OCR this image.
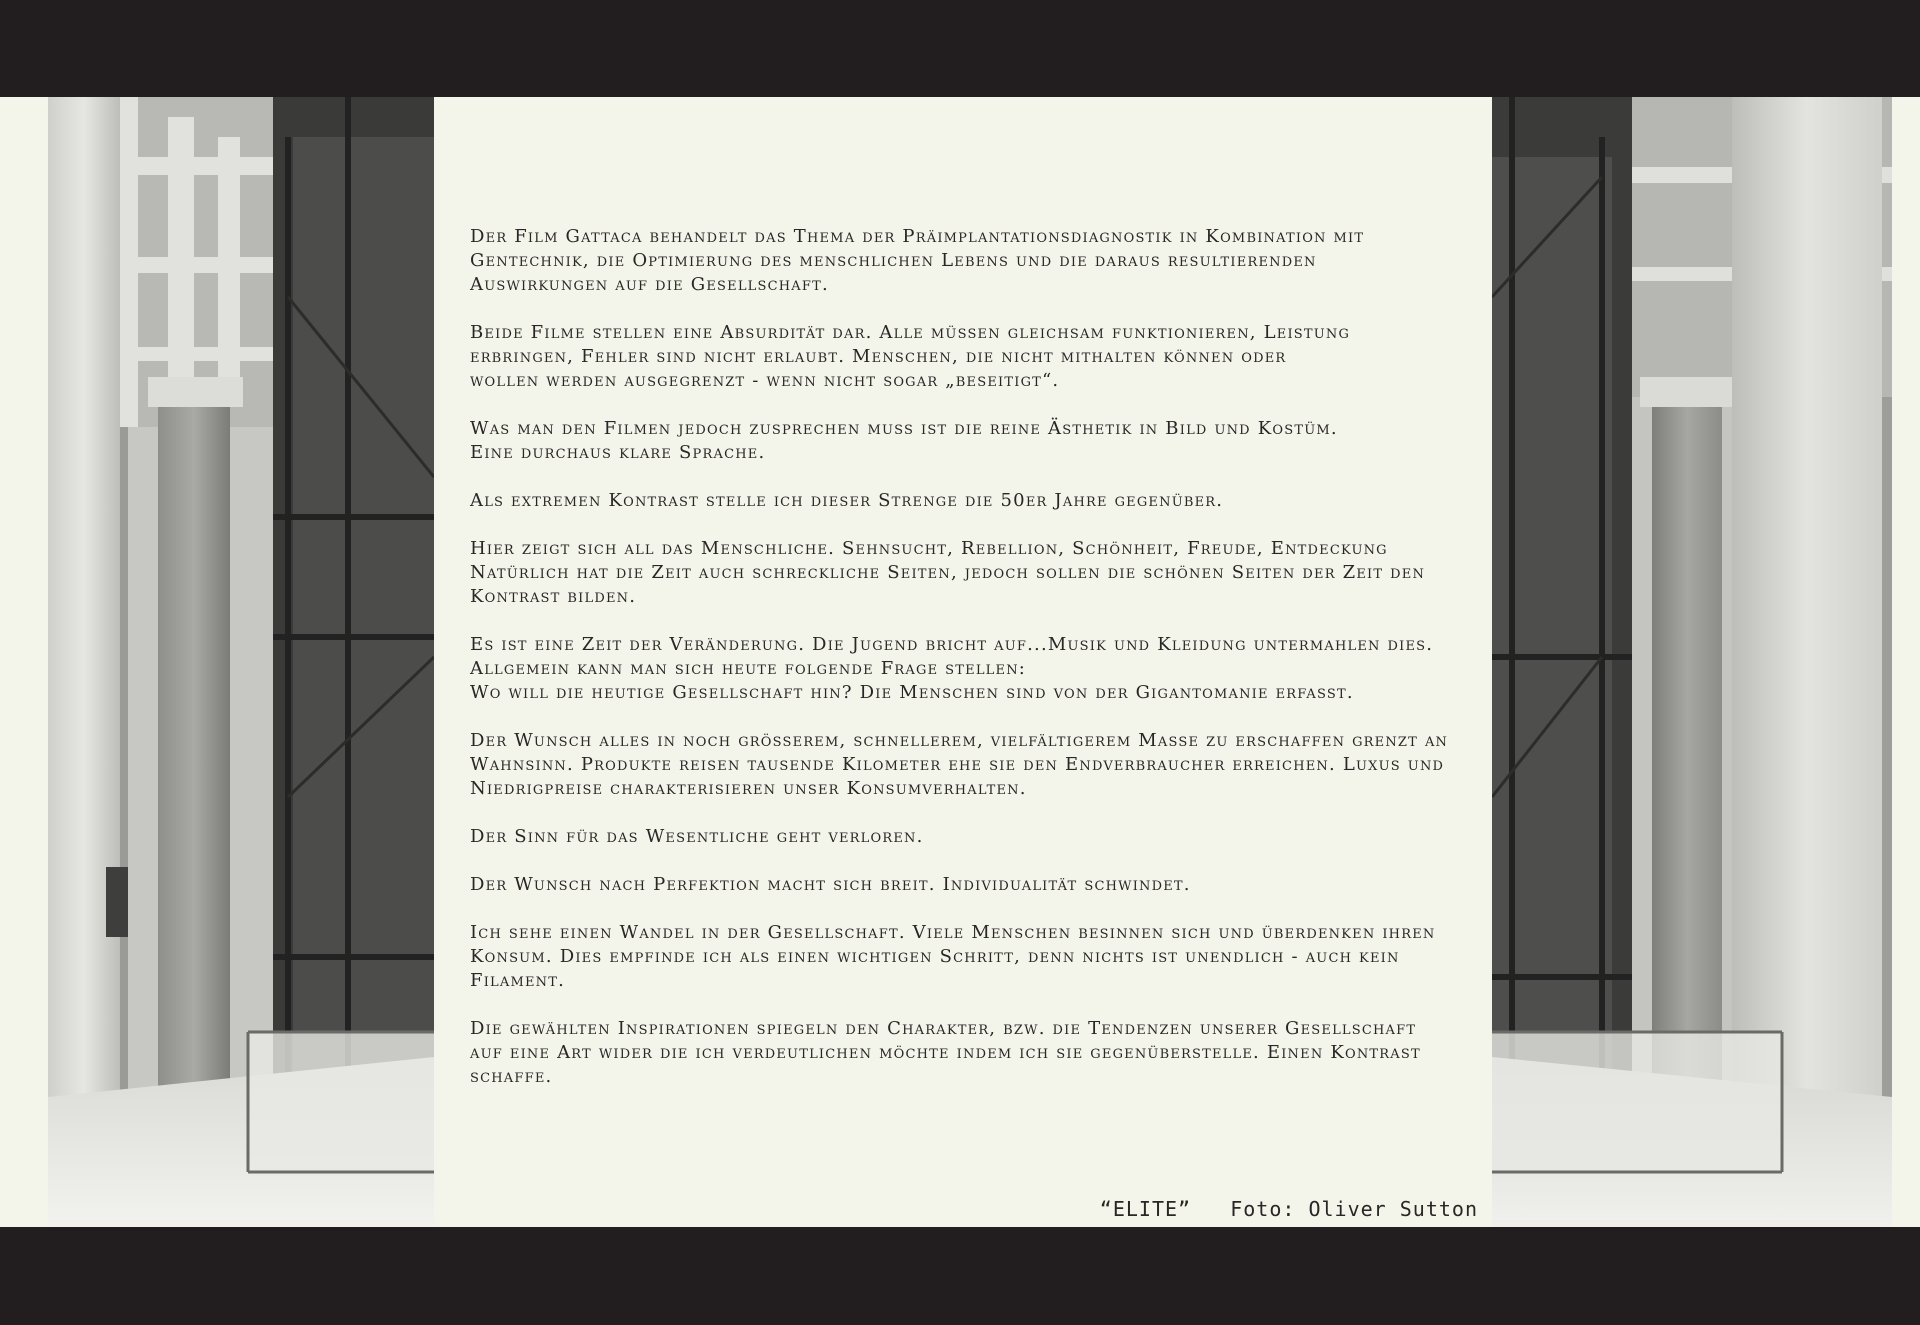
Der Film Gattaca behandelt das Thema der Präimplantationsdiagnostik in Kombination mit
Gentechnik, die Optimierung des menschlichen Lebens und die daraus resultierenden
Auswirkungen auf die Gesellschaft.

Beide Filme stellen eine Absurdität dar. Alle müssen gleichsam funktionieren, Leistung
erbringen, Fehler sind nicht erlaubt. Menschen, die nicht mithalten können oder
wollen werden ausgegrenzt - wenn nicht sogar „beseitigt“.

Was man den Filmen jedoch zusprechen muss ist die reine Ästhetik in Bild und Kostüm.
Eine durchaus klare Sprache.

Als extremen Kontrast stelle ich dieser Strenge die 50er Jahre gegenüber.

Hier zeigt sich all das Menschliche. Sehnsucht, Rebellion, Schönheit, Freude, Entdeckung
Natürlich hat die Zeit auch schreckliche Seiten, jedoch sollen die schönen Seiten der Zeit den
Kontrast bilden.

Es ist eine Zeit der Veränderung. Die Jugend bricht auf...Musik und Kleidung untermahlen dies.
Allgemein kann man sich heute folgende Frage stellen:
Wo will die heutige Gesellschaft hin? Die Menschen sind von der Gigantomanie erfasst.

Der Wunsch alles in noch grösserem, schnellerem, vielfältigerem Masse zu erschaffen grenzt an
Wahnsinn. Produkte reisen tausende Kilometer ehe sie den Endverbraucher erreichen. Luxus und
Niedrigpreise charakterisieren unser Konsumverhalten.

Der Sinn für das Wesentliche geht verloren.

Der Wunsch nach Perfektion macht sich breit. Individualität schwindet.

Ich sehe einen Wandel in der Gesellschaft. Viele Menschen besinnen sich und überdenken ihren
Konsum. Dies empfinde ich als einen wichtigen Schritt, denn nichts ist unendlich - auch kein
Filament.

Die gewählten Inspirationen spiegeln den Charakter, bzw. die Tendenzen unserer Gesellschaft
auf eine Art wider die ich verdeutlichen möchte indem ich sie gegenüberstelle. Einen Kontrast
schaffe.

“ELITE” Foto: Oliver Sutton
